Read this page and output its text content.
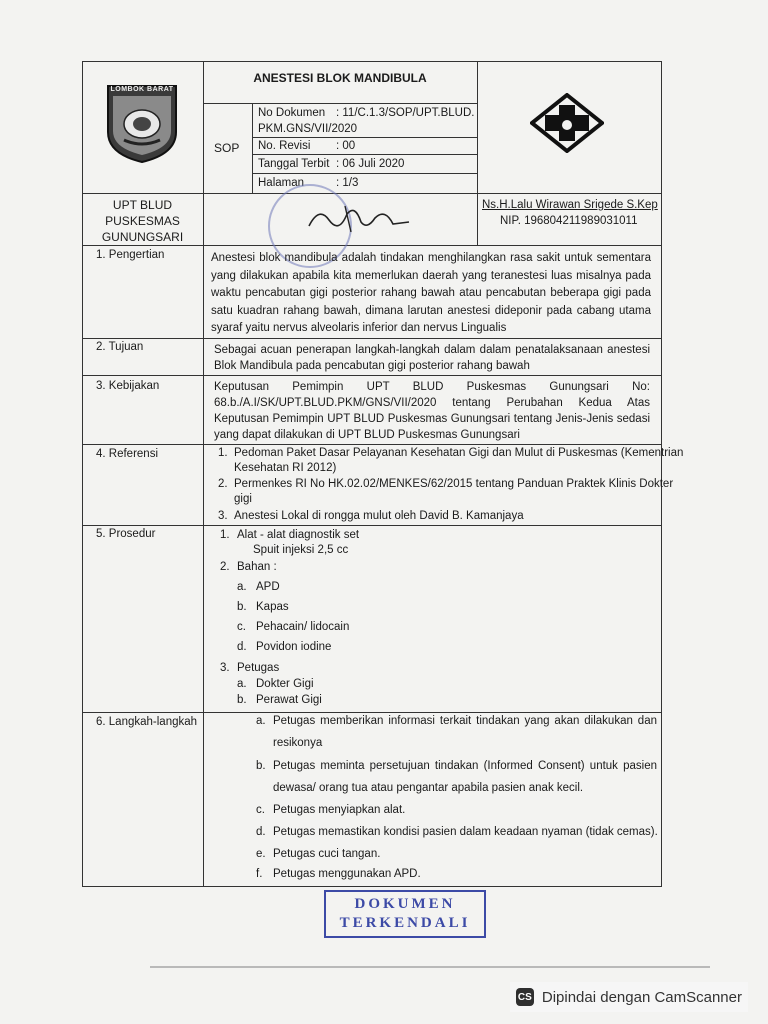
LOMBOK BARAT
ANESTESI BLOK MANDIBULA
SOP
No Dokumen : 11/C.1.3/SOP/UPT.BLUD.
PKM.GNS/VII/2020
No. Revisi : 00
Tanggal Terbit : 06 Juli 2020
Halaman	: 1/3
UPT BLUD
PUSKESMAS
GUNUNGSARI
Ns.H.Lalu Wirawan Srigede S.Kep
NIP. 196804211989031011
1. Pengertian	Anestesi blok mandibula adalah tindakan menghilangkan rasa sakit untuk sementara yang dilakukan apabila kita memerlukan daerah yang teranestesi luas misalnya pada waktu pencabutan gigi posterior rahang bawah atau pencabutan beberapa gigi pada satu kuadran rahang bawah, dimana larutan anestesi dideponir pada cabang utama syaraf yaitu nervus alveolaris inferior dan nervus Lingualis
2. Tujuan	Sebagai acuan penerapan langkah-langkah dalam dalam penatalaksanaan anestesi Blok Mandibula pada pencabutan gigi posterior rahang bawah
3. Kebijakan	Keputusan Pemimpin UPT BLUD Puskesmas Gunungsari No: 68.b./A.I/SK/UPT.BLUD.PKM/GNS/VII/2020 tentang Perubahan Kedua Atas Keputusan Pemimpin UPT BLUD Puskesmas Gunungsari tentang Jenis-Jenis sedasi yang dapat dilakukan di UPT BLUD Puskesmas Gunungsari
4. Referensi	1. Pedoman Paket Dasar Pelayanan Kesehatan Gigi dan Mulut di Puskesmas (Kementrian
Kesehatan RI 2012)
2. Permenkes RI No HK.02.02/MENKES/62/2015 tentang Panduan Praktek Klinis Dokter
gigi
3. Anestesi Lokal di rongga mulut oleh David B. Kamanjaya
5. Prosedur	1. Alat - alat diagnostik set
Spuit injeksi 2,5 cc
2. Bahan :
a. APD
b. Kapas
c. Pehacain/ lidocain
d. Povidon iodine
3. Petugas
a. Dokter Gigi
b. Perawat Gigi
6. Langkah-langkah	a. Petugas memberikan informasi terkait tindakan yang akan dilakukan dan resikonya
b. Petugas meminta persetujuan tindakan (Informed Consent) untuk pasien dewasa/ orang tua atau pengantar apabila pasien anak kecil.
c. Petugas menyiapkan alat.
d. Petugas memastikan kondisi pasien dalam keadaan nyaman (tidak cemas).
e. Petugas cuci tangan.
f. Petugas menggunakan APD.
DOKUMEN
TERKENDALI
CS Dipindai dengan CamScanner
